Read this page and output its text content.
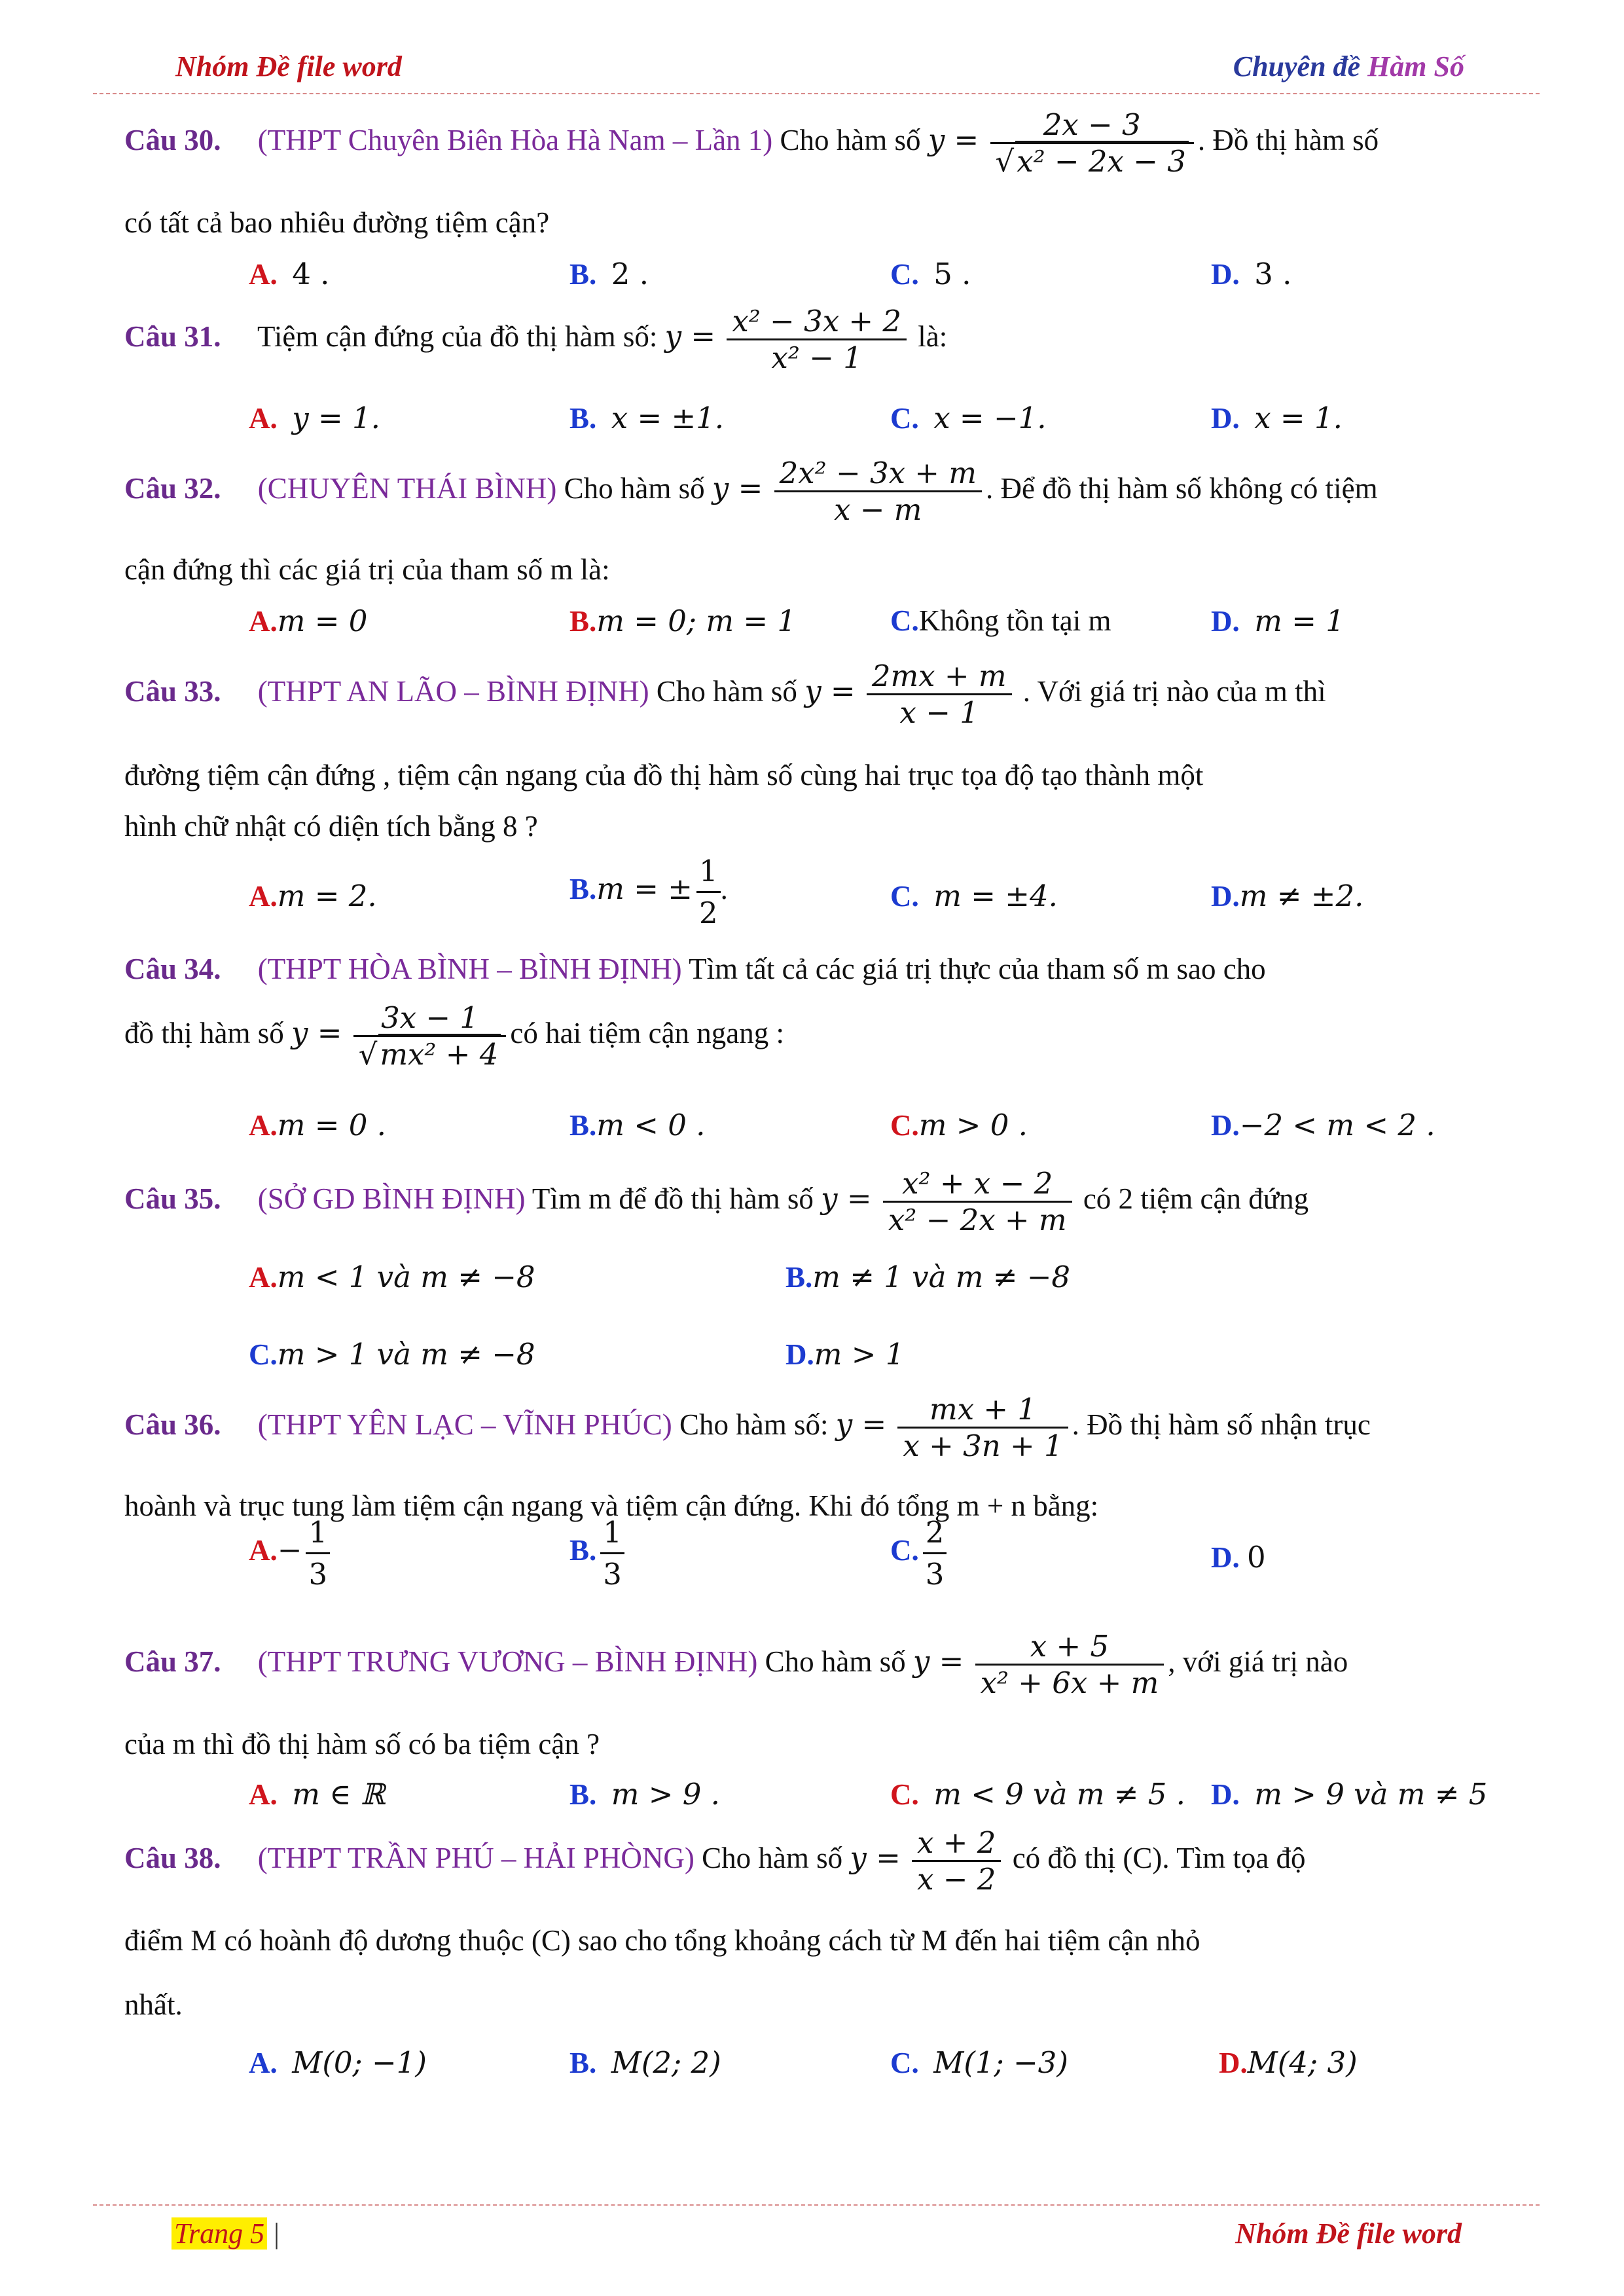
Nhóm Đề file word	Chuyên đề Hàm Số
Câu 30. (THPT Chuyên Biên Hòa Hà Nam – Lần 1) Cho hàm số $y = \frac{2x - 3}{\text{√x² − 2x − 3}}$ . Đồ thị hàm số
có tất cả bao nhiêu đường tiệm cận?
A. 4 .	B. 2 .	C. 5 .	D. 3 .
Câu 31. Tiệm cận đứng của đồ thị hàm số: $y = \frac{\text{x² − 3x + 2}}{\text{x² − 1}}$ là:
A. y = 1.	B. x = ±1.	C. x = −1.	D. x = 1.
Câu 32. (CHUYÊN THÁI BÌNH) Cho hàm số $y = \frac{\text{2x² − 3x + m}}{x - m}$ . Để đồ thị hàm số không có tiệm
cận đứng thì các giá trị của tham số m là:
A.m = 0	B.m = 0; m = 1	C.Không tồn tại m	D. m = 1
Câu 33. (THPT AN LÃO – BÌNH ĐỊNH) Cho hàm số $y = \frac{2mx + m}{x - 1}$ . Với giá trị nào của m thì
đường tiệm cận đứng , tiệm cận ngang của đồ thị hàm số cùng hai trục tọa độ tạo thành một
hình chữ nhật có diện tích bằng 8 ?
A.m = 2.	B.m = ± $\frac{1}{2}$ .	C. m = ±4.	D.m ≠ ±2.
Câu 34. (THPT HÒA BÌNH – BÌNH ĐỊNH) Tìm tất cả các giá trị thực của tham số m sao cho
đồ thị hàm số $y = \frac{3x - 1}{\text{√mx² + 4}}$ có hai tiệm cận ngang :
A.m = 0 .	B.m < 0 .	C.m > 0 .	D.−2 < m < 2 .
Câu 35. (SỞ GD BÌNH ĐỊNH) Tìm m để đồ thị hàm số $y = \frac{\text{x² + x − 2}}{\text{x² − 2x + m}}$ có 2 tiệm cận đứng
A.m < 1 và m ≠ −8	B.m ≠ 1 và m ≠ −8
C.m > 1 và m ≠ −8	D.m > 1
Câu 36. (THPT YÊN LẠC – VĨNH PHÚC) Cho hàm số: $y = \frac{mx + 1}{x + 3n + 1}$ . Đồ thị hàm số nhận trục
hoành và trục tung làm tiệm cận ngang và tiệm cận đứng. Khi đó tổng m + n bằng:
$A.- \frac{1}{3}$	B. $\frac{1}{3}$	C. $\frac{2}{3}$	D. 0
Câu 37. (THPT TRƯNG VƯƠNG – BÌNH ĐỊNH) Cho hàm số $y = \frac{x + 5}{\text{x² + 6x + m}}$ , với giá trị nào
của m thì đồ thị hàm số có ba tiệm cận ?
A. m ∈ ℝ	B. m > 9 .	C. m < 9 và m ≠ 5 . D. m > 9 và m ≠ 5
Câu 38. (THPT TRẦN PHÚ – HẢI PHÒNG) Cho hàm số $y = \frac{x + 2}{x - 2}$ có đồ thị (C). Tìm tọa độ
điểm M có hoành độ dương thuộc (C) sao cho tổng khoảng cách từ M đến hai tiệm cận nhỏ
nhất.
A. M(0; −1)	B. M(2; 2)	C. M(1; −3)	D.M(4; 3)
Trang 5 |	Nhóm Đề file word
